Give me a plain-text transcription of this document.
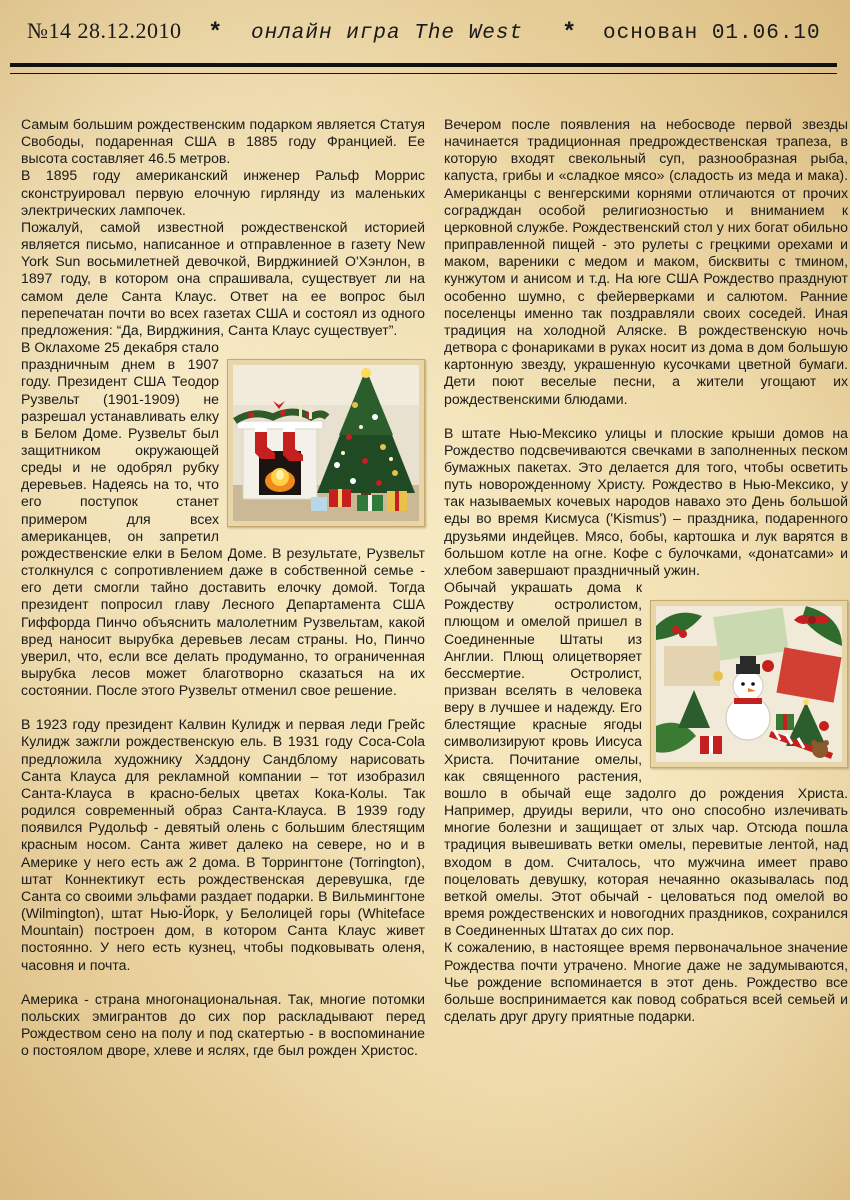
№14 28.12.2010 * онлайн игра The West * основан 01.06.10

Самым большим рождественским подарком является Статуя Свободы, подаренная США в 1885 году Францией. Ее высота составляет 46.5 метров.

В 1895 году американский инженер Ральф Моррис сконструировал первую елочную гирлянду из маленьких электрических лампочек.

Пожалуй, самой известной рождественской историей является письмо, написанное и отправленное в газету New York Sun восьмилетней девочкой, Вирджинией О'Хэнлон, в 1897 году, в котором она спрашивала, существует ли на самом деле Санта Клаус. Ответ на ее вопрос был перепечатан почти во всех газетах США и состоял из одного предложения: “Да, Вирджиния, Санта Клаус существует”.

В Оклахоме 25 декабря стало праздничным днем в 1907 году. Президент США Теодор Рузвельт (1901-1909) не разрешал устанавливать елку в Белом Доме. Рузвельт был защитником окружающей среды и не одобрял рубку деревьев. Надеясь на то, что его поступок станет примером для всех американцев, он запретил рождественские елки в Белом Доме. В результате, Рузвельт столкнулся с сопротивлением даже в собственной семье - его дети смогли тайно доставить елочку домой. Тогда президент попросил главу Лесного Департамента США Гиффорда Пинчо объяснить малолетним Рузвельтам, какой вред наносит вырубка деревьев лесам страны. Но, Пинчо уверил, что, если все делать продуманно, то ограниченная вырубка лесов может благотворно сказаться на их состоянии. После этого Рузвельт отменил свое решение.

В 1923 году президент Калвин Кулидж и первая леди Грейс Кулидж зажгли рождественскую ель. В 1931 году Coca-Cola предложила художнику Хэддону Сандблому нарисовать Санта Клауса для рекламной компании – тот изобразил Санта-Клауса в красно-белых цветах Кока-Колы. Так родился современный образ Санта-Клауса. В 1939 году появился Рудольф - девятый олень с большим блестящим красным носом. Санта живет далеко на севере, но и в Америке у него есть аж 2 дома. В Торрингтоне (Torrington), штат Коннектикут есть рождественская деревушка, где Санта со своими эльфами раздает подарки. В Вильмингтоне (Wilmington), штат Нью-Йорк, у Белолицей горы (Whiteface Mountain) построен дом, в котором Санта Клаус живет постоянно. У него есть кузнец, чтобы подковывать оленя, часовня и почта.

Америка - страна многонациональная. Так, многие потомки польских эмигрантов до сих пор раскладывают перед Рождеством сено на полу и под скатертью - в воспоминание о постоялом дворе, хлеве и яслях, где был рожден Христос.

Вечером после появления на небосводе первой звезды начинается традиционная предрождественская трапеза, в которую входят свекольный суп, разнообразная рыба, капуста, грибы и «сладкое мясо» (сладость из меда и мака). Американцы с венгерскими корнями отличаются от прочих соградждан особой религиозностью и вниманием к церковной службе. Рождественский стол у них богат обильно приправленной пищей - это рулеты с грецкими орехами и маком, вареники с медом и маком, бисквиты с тмином, кунжутом и анисом и т.д. На юге США Рождество празднуют особенно шумно, с фейерверками и салютом. Ранние поселенцы именно так поздравляли своих соседей. Иная традиция на холодной Аляске. В рождественскую ночь детвора с фонариками в руках носит из дома в дом большую картонную звезду, украшенную кусочками цветной бумаги. Дети поют веселые песни, а жители угощают их рождественскими блюдами.

В штате Нью-Мексико улицы и плоские крыши домов на Рождество подсвечиваются свечками в заполненных песком бумажных пакетах. Это делается для того, чтобы осветить путь новорожденному Христу. Рождество в Нью-Мексико, у так называемых кочевых народов навахо это День большой еды во время Кисмуса ('Kismus') – праздника, подаренного друзьями индейцев. Мясо, бобы, картошка и лук варятся в большом котле на огне. Кофе с булочками, «донатсами» и хлебом завершают праздничный ужин.

Обычай украшать дома к Рождеству остролистом, плющом и омелой пришел в Соединенные Штаты из Англии. Плющ олицетворяет бессмертие. Остролист, призван вселять в человека веру в лучшее и надежду. Его блестящие красные ягоды символизируют кровь Иисуса Христа. Почитание омелы, как священного растения, вошло в обычай еще задолго до рождения Христа. Например, друиды верили, что оно способно излечивать многие болезни и защищает от злых чар. Отсюда пошла традиция вывешивать ветки омелы, перевитые лентой, над входом в дом. Считалось, что мужчина имеет право поцеловать девушку, которая нечаянно оказывалась под веткой омелы. Этот обычай - целоваться под омелой во время рождественских и новогодних праздников, сохранился в Соединенных Штатах до сих пор.

К сожалению, в настоящее время первоначальное значение Рождества почти утрачено. Многие даже не задумываются, Чье рождение вспоминается в этот день. Рождество все больше воспринимается как повод собраться всей семьей и сделать друг другу приятные подарки.
